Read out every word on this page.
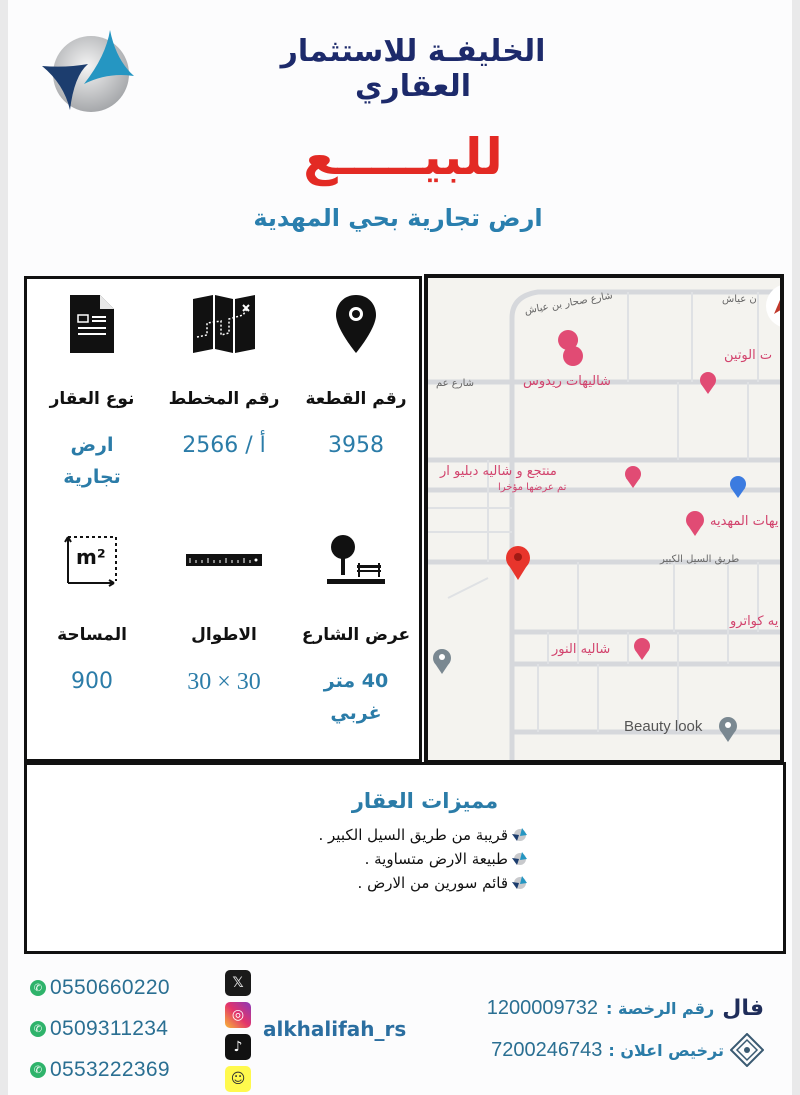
الخليفـة للاستثمار العقاري
للبيـــــع
ارض تجارية بحي المهدية
رقم القطعة
3958
رقم المخطط
2566 / أ
نوع العقار
ارض
تجارية
عرض الشارع
40 متر
غربي
الاطوال
30 × 30
m²
المساحة
900
شارع صحار بن عياش
شارع عم
طريق السيل الكبير
ن عياش
شاليهات ريدوس
ت الوتين
منتجع و شاليه دبليو ار
تم عرضها مؤخرا
يهات المهديه
يه كواترو
شاليه النور
Beauty look
مميزات العقار
قريبة من طريق السيل الكبير .
طبيعة الارض متساوية .
قائم سورين من الارض .
✆ 0550660220
✆ 0509311234
✆ 0553222369
𝕏
◎
♪
☺
alkhalifah_rs
فال
رقم الرخصة :
1200009732
ترخيص اعلان :
7200246743
